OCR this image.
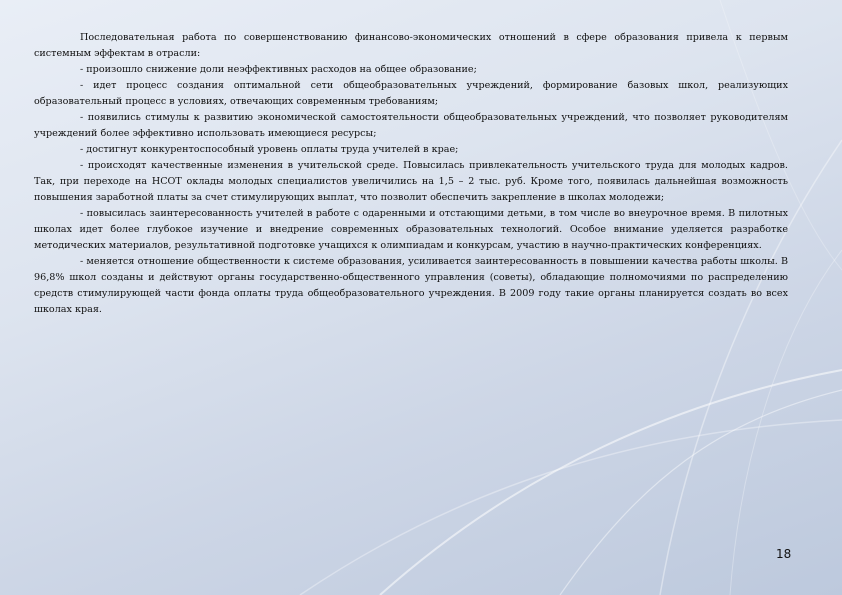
Последовательная работа по совершенствованию финансово-экономических отношений в сфере образования привела к первым системным эффектам в отрасли:

- произошло снижение доли неэффективных расходов на общее образование;

- идет процесс создания оптимальной сети общеобразовательных учреждений, формирование базовых школ, реализующих образовательный процесс в условиях, отвечающих современным требованиям;

- появились стимулы к развитию экономической самостоятельности общеобразовательных учреждений, что позволяет руководителям учреждений более эффективно использовать имеющиеся ресурсы;

- достигнут конкурентоспособный уровень оплаты труда учителей в крае;

- происходят качественные изменения в учительской среде. Повысилась привлекательность учительского труда для молодых кадров. Так, при переходе на НСОТ оклады молодых специалистов увеличились на 1,5 – 2 тыс. руб. Кроме того, появилась дальнейшая возможность повышения заработной платы за счет стимулирующих выплат, что позволит обеспечить закрепление в школах молодежи;

- повысилась заинтересованность учителей в работе с одаренными и отстающими детьми, в том числе во внеурочное время. В пилотных школах идет более глубокое изучение и внедрение современных образовательных технологий. Особое внимание уделяется разработке методических материалов, результативной подготовке учащихся к олимпиадам и конкурсам, участию в научно-практических конференциях.

- меняется отношение общественности к системе образования, усиливается заинтересованность в повышении качества работы школы. В 96,8% школ созданы и действуют органы государственно-общественного управления (советы), обладающие полномочиями по распределению средств стимулирующей части фонда оплаты труда общеобразовательного учреждения. В 2009 году такие органы планируется создать во всех школах края.

18
